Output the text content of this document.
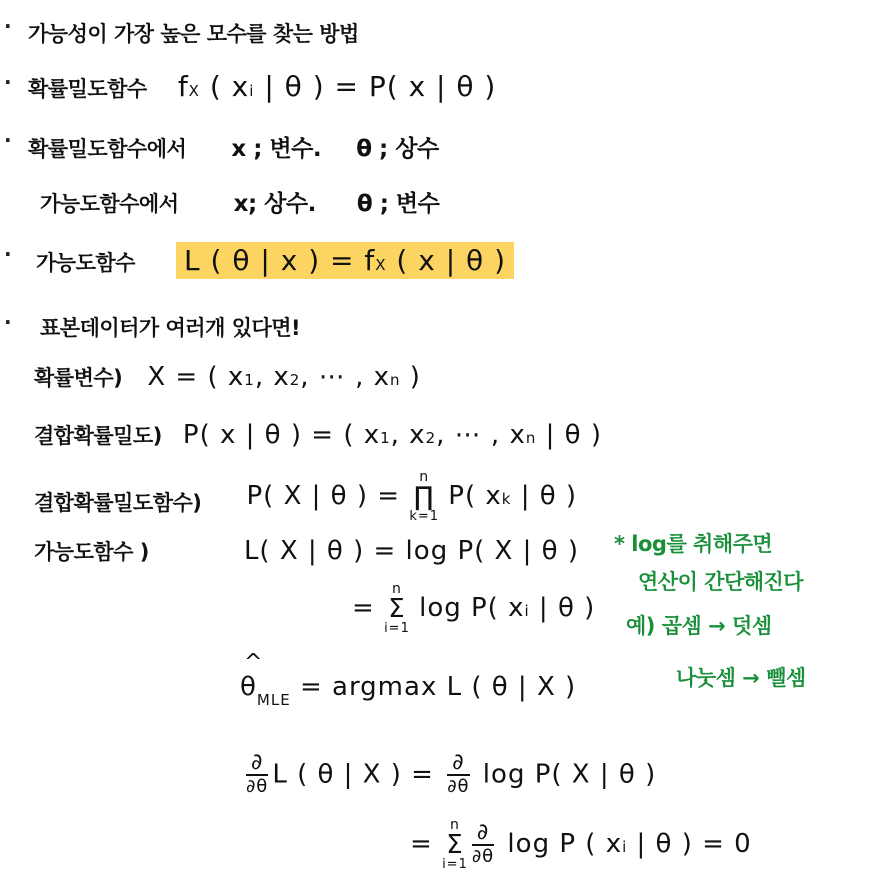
· 가능성이 가장 높은 모수를 찾는 방법
· 확률밀도함수 fX ( xi | θ ) = P( x | θ )
· 확률밀도함수에서 x ; 변수. θ ; 상수
가능도함수에서 x; 상수. θ ; 변수
· 가능도함수 L ( θ | x ) = fX ( x | θ )
· 표본데이터가 여러개 있다면!
확률변수) X = ( x1, x2, ⋯ , xn )
결합확률밀도) P( x | θ ) = ( x1, x2, ⋯ , xn | θ )
결합확률밀도함수) P( X | θ ) =
n
∏
k=1
P( xk | θ )
가능도함수 )	L( X | θ ) = log P( X | θ )
=
n
Σ
i=1
log P( xi | θ )
^
$\theta_{MLE} = argmax$ L ( θ | X )
$\frac{\partial}{\partial\theta}$ L ( θ | X ) = $\frac{\partial}{\partial\theta}$ log P( X | θ )
=
n
Σ
$i=1 \frac{\partial}{\partial\theta}$ log P ( xi | θ ) = 0
* log를 취해주면
연산이 간단해진다
예) 곱셈 → 덧셈
나눗셈 → 뺄셈
